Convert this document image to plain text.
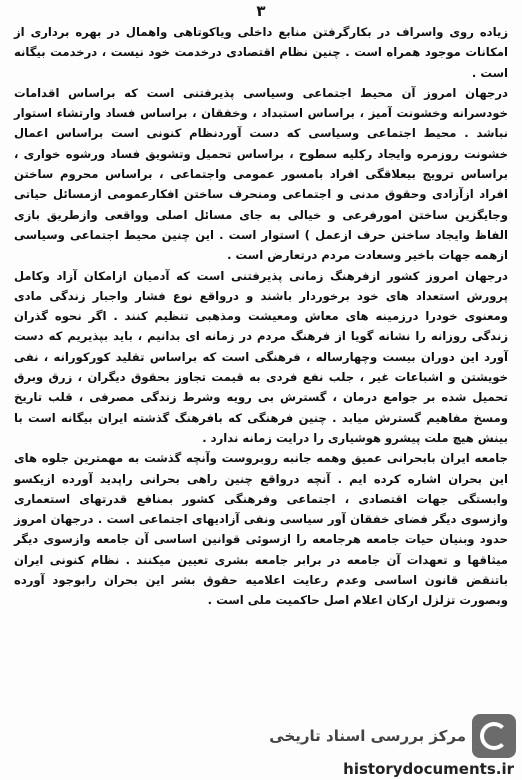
٣

زیاده روی واسراف در بکارگرفتن منابع داخلی ویاکوتاهی واهمال در بهره برداری از امکانات موجود همراه است . چنین نظام اقتصادی درخدمت خود نیست ، درخدمت بیگانه است .

درجهان امروز آن محیط اجتماعی وسیاسی پذیرفتنی است که براساس اقدامات خودسرانه وخشونت آمیز ، براساس استبداد ، وخفقان ، براساس فساد وارتشاء استوار نباشد . محیط اجتماعی وسیاسی که دست آوردنظام کنونی است براساس اعمال خشونت روزمره وایجاد رکلیه سطوح ، براساس تحمیل وتشویق فساد ورشوه خواری ، براساس ترویج بیعلاقگی افراد بامسور عمومی واجتماعی ، براساس محروم ساختن افراد ازآزادی وحقوق مدنی و اجتماعی ومنحرف ساختن افکارعمومی ازمسائل حیاتی وجایگزین ساختن امورفرعی و خیالی به جای مسائل اصلی وواقعی وازطریق بازی الفاظ وایجاد ساختن حرف ازعمل ) استوار است . این چنین محیط اجتماعی وسیاسی ازهمه جهات باخیر وسعادت مردم درتعارض است .

درجهان امروز کشور ازفرهنگ زمانی پذیرفتنی است که آدمیان ازامکان آزاد وکامل پرورش استعداد های خود برخوردار باشند و درواقع نوع فشار واجبار زندگی مادی ومعنوی خودرا درزمینه های معاش ومعیشت ومذهبی تنظیم کنند . اگر نحوه گذران زندگی روزانه را نشانه گویا از فرهنگ مردم در زمانه ای بدانیم ، باید بپذیریم که دست آورد این دوران بیست وچهارساله ، فرهنگی است که براساس تقلید کورکورانه ، نفی خویشتن و اشباعات غیر ، جلب نفع فردی به قیمت تجاوز بحقوق دیگران ، زرق وبرق تحمیل شده بر جوامع درمان ، گسترش بی رویه وشرط زندگی مصرفی ، قلب تاریخ ومسخ مفاهیم گسترش میابد . چنین فرهنگی که بافرهنگ گذشته ایران بیگانه است با بینش هیچ ملت پیشرو هوشیاری را درایت زمانه ندارد .

جامعه ایران بابحرانی عمیق وهمه جانبه روبروست وآنچه گذشت به مهمترین جلوه های این بحران اشاره کرده ایم . آنچه درواقع چنین راهی بحرانی راپدید آورده ازیکسو وابستگی جهات اقتصادی ، اجتماعی وفرهنگی کشور بمنافع قدرتهای استعماری وازسوی دیگر فضای خفقان آور سیاسی ونفی آزادیهای اجتماعی است . درجهان امروز حدود وبنیان حیات جامعه هرجامعه را ازسوئی قوانین اساسی آن جامعه وازسوی دیگر میثاقها و تعهدات آن جامعه در برابر جامعه بشری تعیین میکنند . نظام کنونی ایران باتنقض قانون اساسی وعدم رعایت اعلامیه حقوق بشر این بحران رابوجود آورده وبصورت تزلزل ارکان اعلام اصل حاکمیت ملی است .

مرکز بررسی اسناد تاریخی
historydocuments.ir
